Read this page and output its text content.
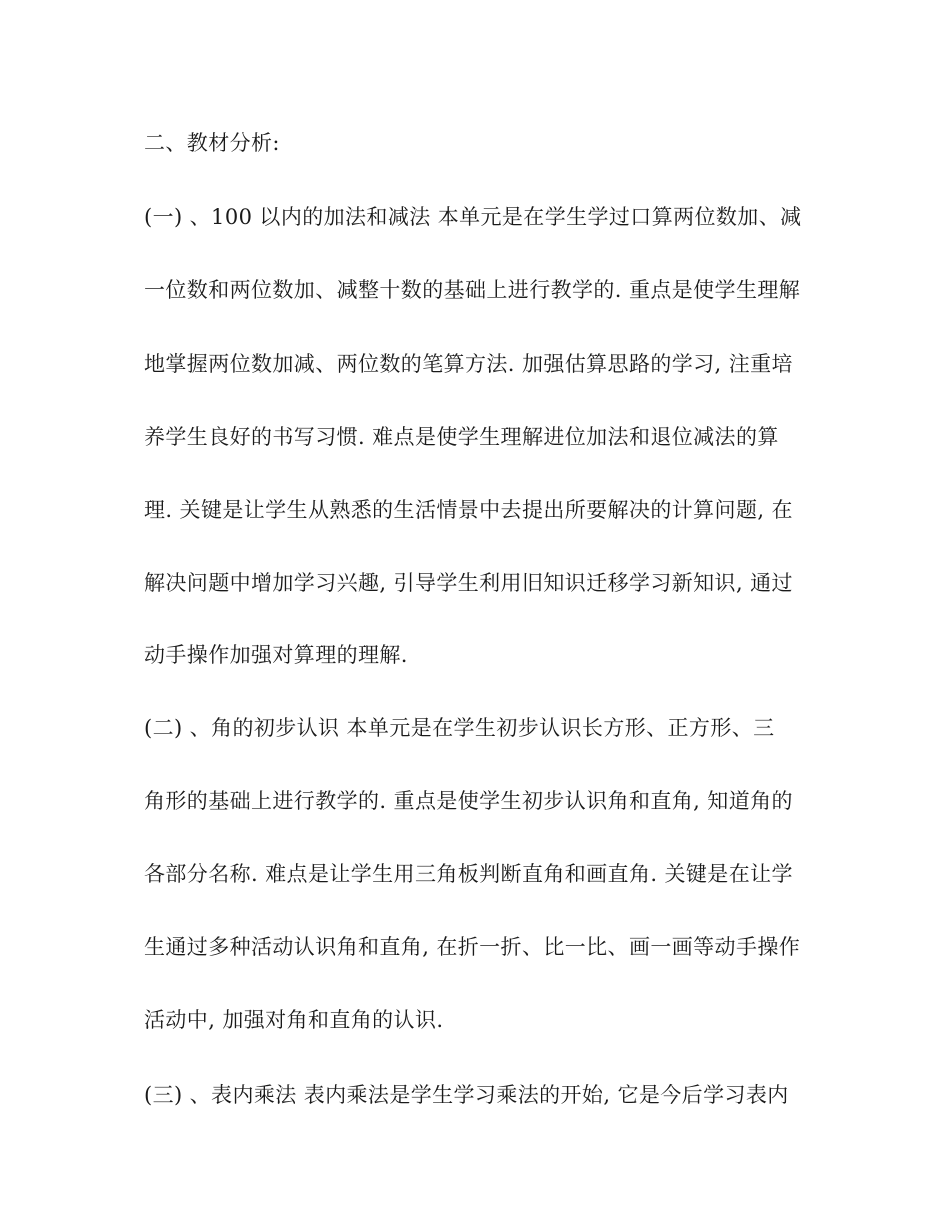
二、教材分析:
(一) 、100 以内的加法和减法 本单元是在学生学过口算两位数加、减
一位数和两位数加、减整十数的基础上进行教学的. 重点是使学生理解
地掌握两位数加减、两位数的笔算方法. 加强估算思路的学习, 注重培
养学生良好的书写习惯. 难点是使学生理解进位加法和退位减法的算
理. 关键是让学生从熟悉的生活情景中去提出所要解决的计算问题, 在
解决问题中增加学习兴趣, 引导学生利用旧知识迁移学习新知识, 通过
动手操作加强对算理的理解.
(二) 、角的初步认识 本单元是在学生初步认识长方形、正方形、三
角形的基础上进行教学的. 重点是使学生初步认识角和直角, 知道角的
各部分名称. 难点是让学生用三角板判断直角和画直角. 关键是在让学
生通过多种活动认识角和直角, 在折一折、比一比、画一画等动手操作
活动中, 加强对角和直角的认识.
(三) 、表内乘法 表内乘法是学生学习乘法的开始, 它是今后学习表内
